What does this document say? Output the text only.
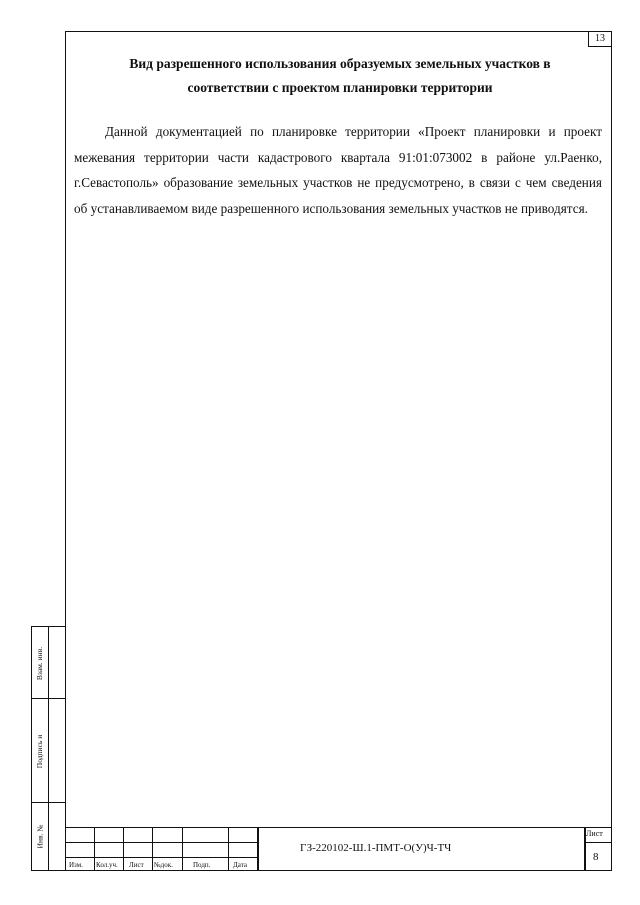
13
Вид разрешенного использования образуемых земельных участков в
соответствии с проектом планировки территории
Данной документацией по планировке территории «Проект планировки и проект межевания территории части кадастрового квартала 91:01:073002 в районе ул.Раенко, г.Севастополь» образование земельных участков не предусмотрено, в связи с чем сведения об устанавливаемом виде разрешенного использования земельных участков не приводятся.
Взам. инв.
Подпись и
Инв. №
Изм. Кол.уч. Лист №док.	Подп.	Дата
ГЗ-220102-Ш.1-ПМТ-О(У)Ч-ТЧ
Лист
8
